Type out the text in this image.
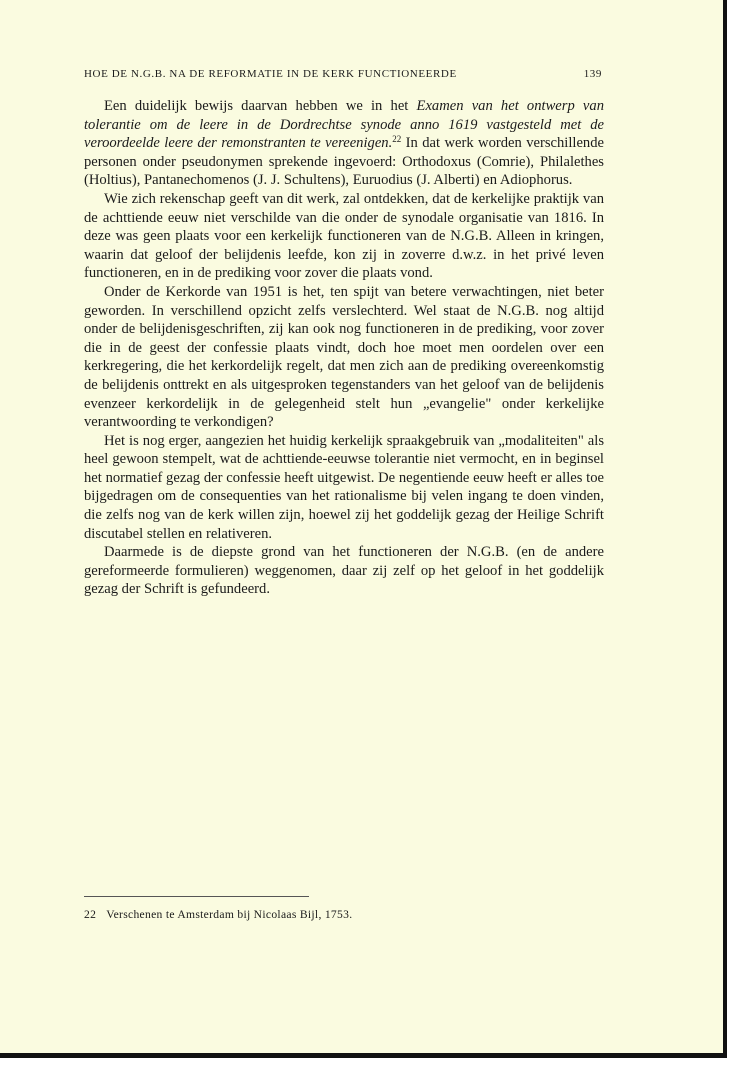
HOE DE N.G.B. NA DE REFORMATIE IN DE KERK FUNCTIONEERDE	139

Een duidelijk bewijs daarvan hebben we in het Examen van het ontwerp van tolerantie om de leere in de Dordrechtse synode anno 1619 vastgesteld met de veroordeelde leere der remonstranten te vereenigen.$^{22}$ In dat werk worden verschillende personen onder pseudonymen sprekende ingevoerd: Orthodoxus (Comrie), Philalethes (Holtius), Pantanechomenos (J. J. Schultens), Euruodius (J. Alberti) en Adiophorus.

Wie zich rekenschap geeft van dit werk, zal ontdekken, dat de kerkelijke praktijk van de achttiende eeuw niet verschilde van die onder de synodale organisatie van 1816. In deze was geen plaats voor een kerkelijk functioneren van de N.G.B. Alleen in kringen, waarin dat geloof der belijdenis leefde, kon zij in zoverre d.w.z. in het privé leven functioneren, en in de prediking voor zover die plaats vond.

Onder de Kerkorde van 1951 is het, ten spijt van betere verwachtingen, niet beter geworden. In verschillend opzicht zelfs verslechterd. Wel staat de N.G.B. nog altijd onder de belijdenisgeschriften, zij kan ook nog functioneren in de prediking, voor zover die in de geest der confessie plaats vindt, doch hoe moet men oordelen over een kerkregering, die het kerkordelijk regelt, dat men zich aan de prediking overeenkomstig de belijdenis onttrekt en als uitgesproken tegenstanders van het geloof van de belijdenis evenzeer kerkordelijk in de gelegenheid stelt hun „evangelie" onder kerkelijke verantwoording te verkondigen?

Het is nog erger, aangezien het huidig kerkelijk spraakgebruik van „modaliteiten" als heel gewoon stempelt, wat de achttiende-eeuwse tolerantie niet vermocht, en in beginsel het normatief gezag der confessie heeft uitgewist. De negentiende eeuw heeft er alles toe bijgedragen om de consequenties van het rationalisme bij velen ingang te doen vinden, die zelfs nog van de kerk willen zijn, hoewel zij het goddelijk gezag der Heilige Schrift discutabel stellen en relativeren.

Daarmede is de diepste grond van het functioneren der N.G.B. (en de andere gereformeerde formulieren) weggenomen, daar zij zelf op het geloof in het goddelijk gezag der Schrift is gefundeerd.

22 Verschenen te Amsterdam bij Nicolaas Bijl, 1753.
